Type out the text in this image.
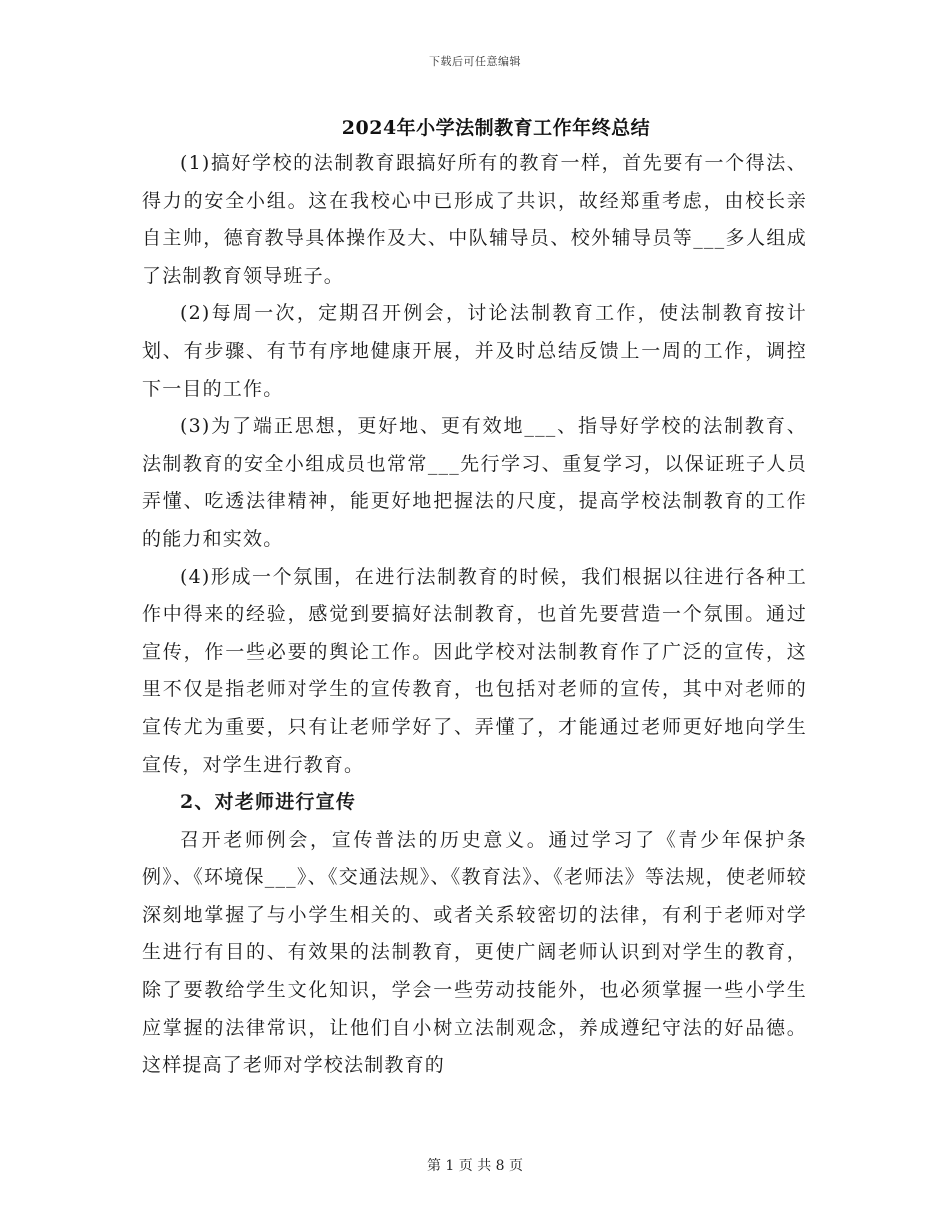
下载后可任意编辑
2024年小学法制教育工作年终总结

(1)搞好学校的法制教育跟搞好所有的教育一样，首先要有一个得法、得力的安全小组。这在我校心中已形成了共识，故经郑重考虑，由校长亲自主帅，德育教导具体操作及大、中队辅导员、校外辅导员等___多人组成了法制教育领导班子。

(2)每周一次，定期召开例会，讨论法制教育工作，使法制教育按计划、有步骤、有节有序地健康开展，并及时总结反馈上一周的工作，调控下一目的工作。

(3)为了端正思想，更好地、更有效地___、指导好学校的法制教育、法制教育的安全小组成员也常常___先行学习、重复学习，以保证班子人员弄懂、吃透法律精神，能更好地把握法的尺度，提高学校法制教育的工作的能力和实效。

(4)形成一个氛围，在进行法制教育的时候，我们根据以往进行各种工作中得来的经验，感觉到要搞好法制教育，也首先要营造一个氛围。通过宣传，作一些必要的舆论工作。因此学校对法制教育作了广泛的宣传，这里不仅是指老师对学生的宣传教育，也包括对老师的宣传，其中对老师的宣传尤为重要，只有让老师学好了、弄懂了，才能通过老师更好地向学生宣传，对学生进行教育。

2、对老师进行宣传

召开老师例会，宣传普法的历史意义。通过学习了《青少年保护条例》、《环境保___》、《交通法规》、《教育法》、《老师法》等法规，使老师较深刻地掌握了与小学生相关的、或者关系较密切的法律，有利于老师对学生进行有目的、有效果的法制教育，更使广阔老师认识到对学生的教育，除了要教给学生文化知识，学会一些劳动技能外，也必须掌握一些小学生应掌握的法律常识，让他们自小树立法制观念，养成遵纪守法的好品德。这样提高了老师对学校法制教育的

第 1 页 共 8 页
